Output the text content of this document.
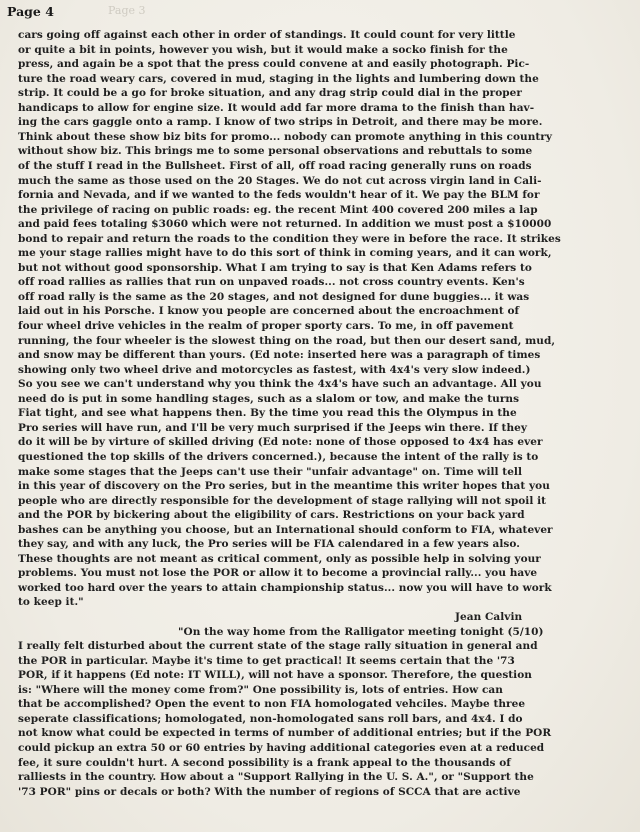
Page 3
Page 4
cars going off against each other in order of standings. It could count for very little
or quite a bit in points, however you wish, but it would make a socko finish for the
press, and again be a spot that the press could convene at and easily photograph. Pic-
ture the road weary cars, covered in mud, staging in the lights and lumbering down the
strip. It could be a go for broke situation, and any drag strip could dial in the proper
handicaps to allow for engine size. It would add far more drama to the finish than hav-
ing the cars gaggle onto a ramp. I know of two strips in Detroit, and there may be more.
Think about these show biz bits for promo... nobody can promote anything in this country
without show biz. This brings me to some personal observations and rebuttals to some
of the stuff I read in the Bullsheet. First of all, off road racing generally runs on roads
much the same as those used on the 20 Stages. We do not cut across virgin land in Cali-
fornia and Nevada, and if we wanted to the feds wouldn't hear of it. We pay the BLM for
the privilege of racing on public roads: eg. the recent Mint 400 covered 200 miles a lap
and paid fees totaling $3060 which were not returned. In addition we must post a $10000
bond to repair and return the roads to the condition they were in before the race. It strikes
me your stage rallies might have to do this sort of think in coming years, and it can work,
but not without good sponsorship. What I am trying to say is that Ken Adams refers to
off road rallies as rallies that run on unpaved roads... not cross country events. Ken's
off road rally is the same as the 20 stages, and not designed for dune buggies... it was
laid out in his Porsche. I know you people are concerned about the encroachment of
four wheel drive vehicles in the realm of proper sporty cars. To me, in off pavement
running, the four wheeler is the slowest thing on the road, but then our desert sand, mud,
and snow may be different than yours. (Ed note: inserted here was a paragraph of times
showing only two wheel drive and motorcycles as fastest, with 4x4's very slow indeed.)
So you see we can't understand why you think the 4x4's have such an advantage. All you
need do is put in some handling stages, such as a slalom or tow, and make the turns
Fiat tight, and see what happens then. By the time you read this the Olympus in the
Pro series will have run, and I'll be very much surprised if the Jeeps win there. If they
do it will be by virture of skilled driving (Ed note: none of those opposed to 4x4 has ever
questioned the top skills of the drivers concerned.), because the intent of the rally is to
make some stages that the Jeeps can't use their "unfair advantage" on. Time will tell
in this year of discovery on the Pro series, but in the meantime this writer hopes that you
people who are directly responsible for the development of stage rallying will not spoil it
and the POR by bickering about the eligibility of cars. Restrictions on your back yard
bashes can be anything you choose, but an International should conform to FIA, whatever
they say, and with any luck, the Pro series will be FIA calendared in a few years also.
These thoughts are not meant as critical comment, only as possible help in solving your
problems. You must not lose the POR or allow it to become a provincial rally... you have
worked too hard over the years to attain championship status... now you will have to work
to keep it."
Jean Calvin
"On the way home from the Ralligator meeting tonight (5/10)
I really felt disturbed about the current state of the stage rally situation in general and
the POR in particular. Maybe it's time to get practical! It seems certain that the '73
POR, if it happens (Ed note: IT WILL), will not have a sponsor. Therefore, the question
is: "Where will the money come from?" One possibility is, lots of entries. How can
that be accomplished? Open the event to non FIA homologated vehciles. Maybe three
seperate classifications; homologated, non-homologated sans roll bars, and 4x4. I do
not know what could be expected in terms of number of additional entries; but if the POR
could pickup an extra 50 or 60 entries by having additional categories even at a reduced
fee, it sure couldn't hurt. A second possibility is a frank appeal to the thousands of
ralliests in the country. How about a "Support Rallying in the U. S. A.", or "Support the
'73 POR" pins or decals or both? With the number of regions of SCCA that are active
